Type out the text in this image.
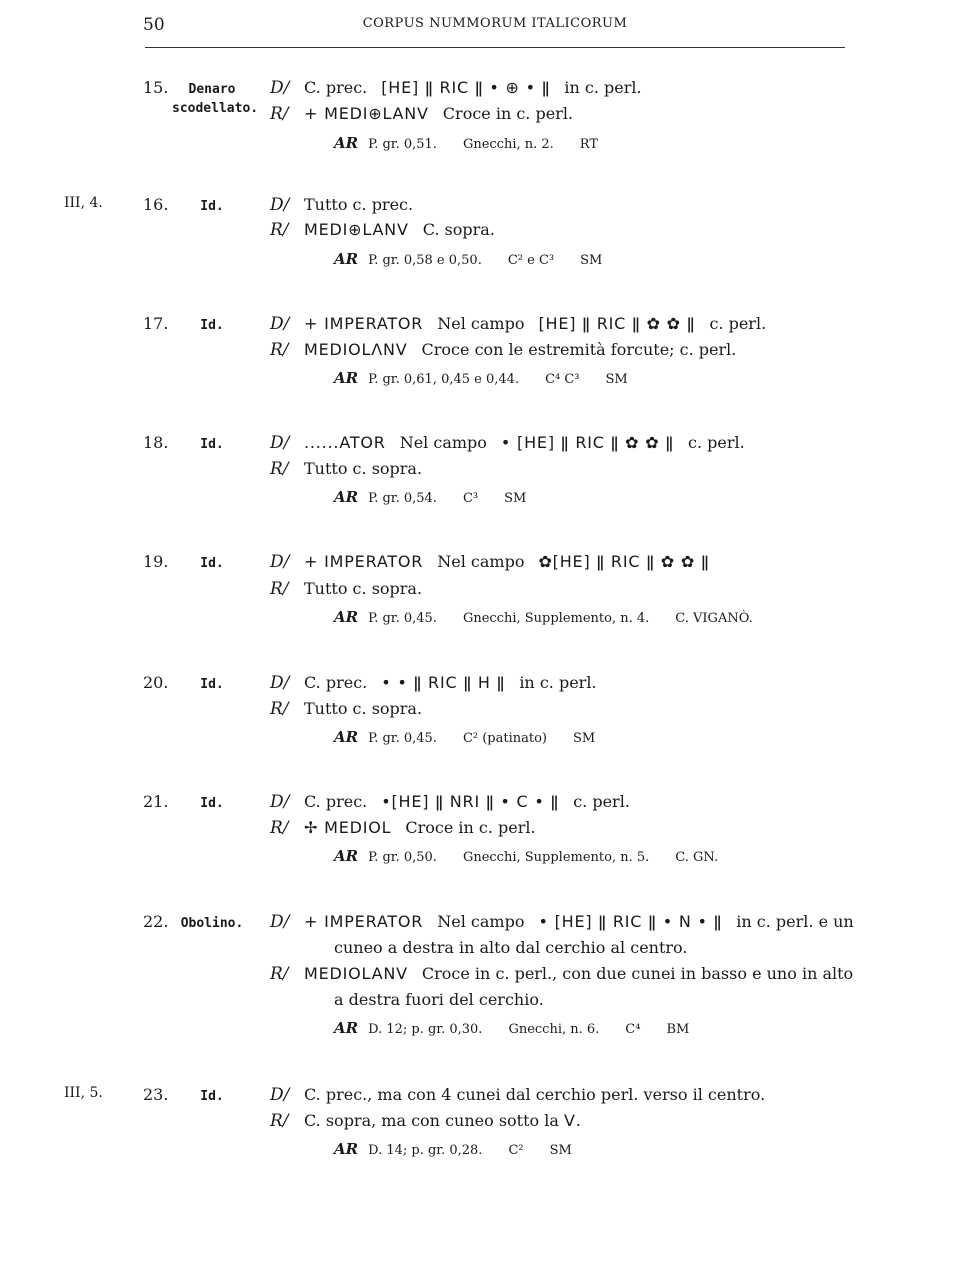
50	CORPUS NUMMORUM ITALICORUM
15.	Denaro
scodellato.
D/ C. prec. [HE] ǁ RIC ǁ • ⊕ • ǁ in c. perl.
R/ + MEDI⊕LANV Croce in c. perl.
AR P. gr. 0,51. Gnecchi, n. 2. RT
III, 4.	16.	Id.	D/ Tutto c. prec.
R/ MEDI⊕LANV C. sopra.
AR P. gr. 0,58 e 0,50. C² e C³ SM
17.	Id.	D/ + IMPERATOR Nel campo [HE] ǁ RIC ǁ ✿ ✿ ǁ c. perl.
R/ MEDIOLΛNV Croce con le estremità forcute; c. perl.
AR P. gr. 0,61, 0,45 e 0,44. C⁴ C³ SM
18.	Id.	D/ ......ATOR Nel campo • [HE] ǁ RIC ǁ ✿ ✿ ǁ c. perl.
R/ Tutto c. sopra.
AR P. gr. 0,54. C³ SM
19.	Id.	D/ + IMPERATOR Nel campo ✿[HE] ǁ RIC ǁ ✿ ✿ ǁ
R/ Tutto c. sopra.
AR P. gr. 0,45. Gnecchi, Supplemento, n. 4. C. VIGANÒ.
20.	Id.	D/ C. prec. • • ǁ RIC ǁ H ǁ in c. perl.
R/ Tutto c. sopra.
AR P. gr. 0,45. C² (patinato) SM
21.	Id.	D/ C. prec. •[HE] ǁ NRI ǁ • C • ǁ c. perl.
R/ ✢ MEDIOL Croce in c. perl.
AR P. gr. 0,50. Gnecchi, Supplemento, n. 5. C. GN.
22. Obolino.	D/ + IMPERATOR Nel campo • [HE] ǁ RIC ǁ • N • ǁ in c. perl. e un
cuneo a destra in alto dal cerchio al centro.
R/ MEDIOLANV Croce in c. perl., con due cunei in basso e uno in alto
a destra fuori del cerchio.
AR D. 12; p. gr. 0,30. Gnecchi, n. 6. C⁴ BM
III, 5.	23.	Id.	D/ C. prec., ma con 4 cunei dal cerchio perl. verso il centro.
R/ C. sopra, ma con cuneo sotto la V.
AR D. 14; p. gr. 0,28. C² SM
